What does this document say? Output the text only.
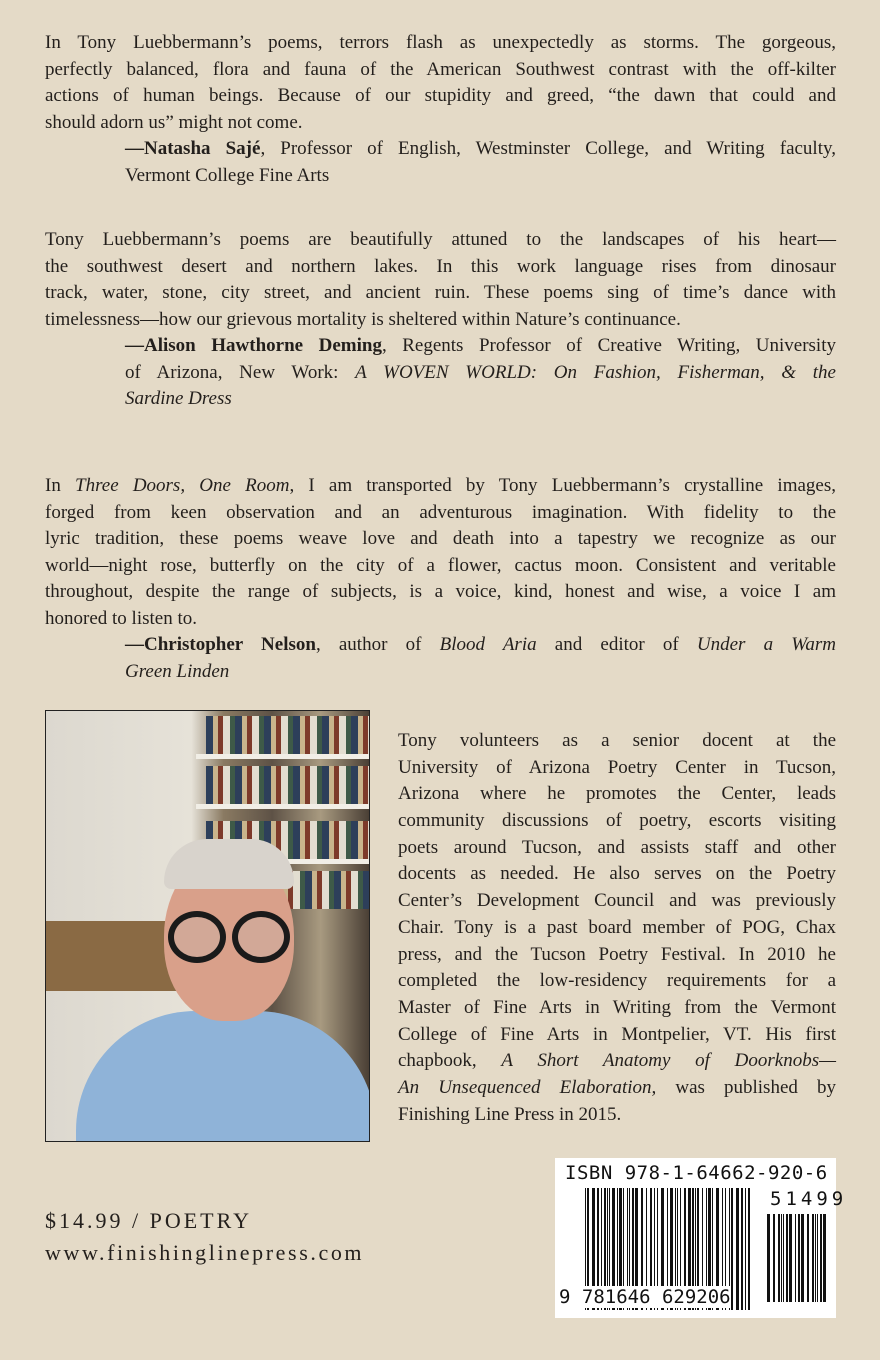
In Tony Luebbermann’s poems, terrors flash as unexpectedly as storms. The gorgeous,
perfectly balanced, flora and fauna of the American Southwest contrast with the off-kilter
actions of human beings. Because of our stupidity and greed, “the dawn that could and
should adorn us” might not come.
—Natasha Sajé, Professor of English, Westminster College, and Writing faculty,
Vermont College Fine Arts
Tony Luebbermann’s poems are beautifully attuned to the landscapes of his heart—
the southwest desert and northern lakes. In this work language rises from dinosaur
track, water, stone, city street, and ancient ruin. These poems sing of time’s dance with
timelessness—how our grievous mortality is sheltered within Nature’s continuance.
—Alison Hawthorne Deming, Regents Professor of Creative Writing, University
of Arizona, New Work: A WOVEN WORLD: On Fashion, Fisherman, & the
Sardine Dress
In Three Doors, One Room, I am transported by Tony Luebbermann’s crystalline images,
forged from keen observation and an adventurous imagination. With fidelity to the
lyric tradition, these poems weave love and death into a tapestry we recognize as our
world—night rose, butterfly on the city of a flower, cactus moon. Consistent and veritable
throughout, despite the range of subjects, is a voice, kind, honest and wise, a voice I am
honored to listen to.
—Christopher Nelson, author of Blood Aria and editor of Under a Warm
Green Linden
Tony volunteers as a senior docent at the
University of Arizona Poetry Center in Tucson,
Arizona where he promotes the Center, leads
community discussions of poetry, escorts visiting
poets around Tucson, and assists staff and other
docents as needed. He also serves on the Poetry
Center’s Development Council and was previously
Chair. Tony is a past board member of POG, Chax
press, and the Tucson Poetry Festival. In 2010 he
completed the low-residency requirements for a
Master of Fine Arts in Writing from the Vermont
College of Fine Arts in Montpelier, VT. His first
chapbook, A Short Anatomy of Doorknobs—
An Unsequenced Elaboration, was published by
Finishing Line Press in 2015.
$14.99 / POETRY
www.finishinglinepress.com
ISBN 978-1-64662-920-6
51499
9 781646 629206
